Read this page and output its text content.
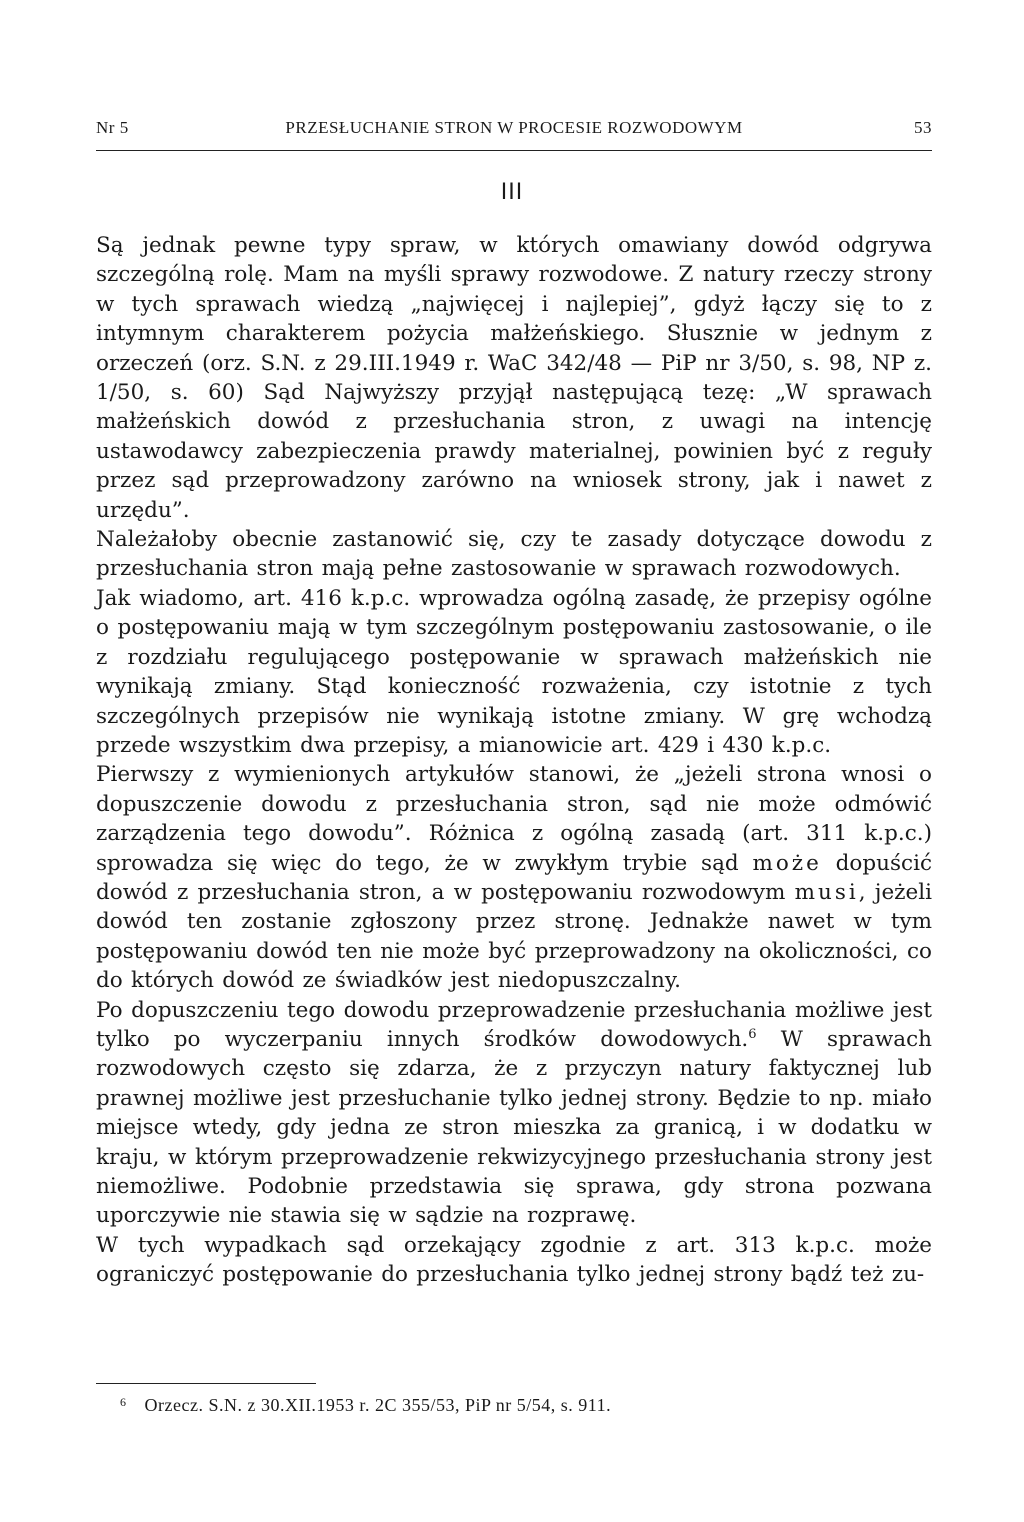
Nr 5	PRZESŁUCHANIE STRON W PROCESIE ROZWODOWYM	53
III

Są jednak pewne typy spraw, w których omawiany dowód odgrywa szczególną rolę. Mam na myśli sprawy rozwodowe. Z natury rzeczy strony w tych sprawach wiedzą „najwięcej i najlepiej”, gdyż łączy się to z intymnym charakterem pożycia małżeńskiego. Słusznie w jednym z orzeczeń (orz. S.N. z 29.III.1949 r. WaC 342/48 — PiP nr 3/50, s. 98, NP z. 1/50, s. 60) Sąd Najwyższy przyjął następującą tezę: „W sprawach małżeńskich dowód z przesłuchania stron, z uwagi na intencję ustawodawcy zabezpieczenia prawdy materialnej, powinien być z reguły przez sąd przeprowadzony zarówno na wniosek strony, jak i nawet z urzędu”.

Należałoby obecnie zastanowić się, czy te zasady dotyczące dowodu z przesłuchania stron mają pełne zastosowanie w sprawach rozwodowych.

Jak wiadomo, art. 416 k.p.c. wprowadza ogólną zasadę, że przepisy ogólne o postępowaniu mają w tym szczególnym postępowaniu zastosowanie, o ile z rozdziału regulującego postępowanie w sprawach małżeńskich nie wynikają zmiany. Stąd konieczność rozważenia, czy istotnie z tych szczególnych przepisów nie wynikają istotne zmiany. W grę wchodzą przede wszystkim dwa przepisy, a mianowicie art. 429 i 430 k.p.c.

Pierwszy z wymienionych artykułów stanowi, że „jeżeli strona wnosi o dopuszczenie dowodu z przesłuchania stron, sąd nie może odmówić zarządzenia tego dowodu”. Różnica z ogólną zasadą (art. 311 k.p.c.) sprowadza się więc do tego, że w zwykłym trybie sąd może dopuścić dowód z przesłuchania stron, a w postępowaniu rozwodowym musi, jeżeli dowód ten zostanie zgłoszony przez stronę. Jednakże nawet w tym postępowaniu dowód ten nie może być przeprowadzony na okoliczności, co do których dowód ze świadków jest niedopuszczalny.

Po dopuszczeniu tego dowodu przeprowadzenie przesłuchania możliwe jest tylko po wyczerpaniu innych środków dowodowych.$^6$ W sprawach rozwodowych często się zdarza, że z przyczyn natury faktycznej lub prawnej możliwe jest przesłuchanie tylko jednej strony. Będzie to np. miało miejsce wtedy, gdy jedna ze stron mieszka za granicą, i w dodatku w kraju, w którym przeprowadzenie rekwizycyjnego przesłuchania strony jest niemożliwe. Podobnie przedstawia się sprawa, gdy strona pozwana uporczywie nie stawia się w sądzie na rozprawę.

W tych wypadkach sąd orzekający zgodnie z art. 313 k.p.c. może ograniczyć postępowanie do przesłuchania tylko jednej strony bądź też zu-

$^6$ Orzecz. S.N. z 30.XII.1953 r. 2C 355/53, PiP nr 5/54, s. 911.
